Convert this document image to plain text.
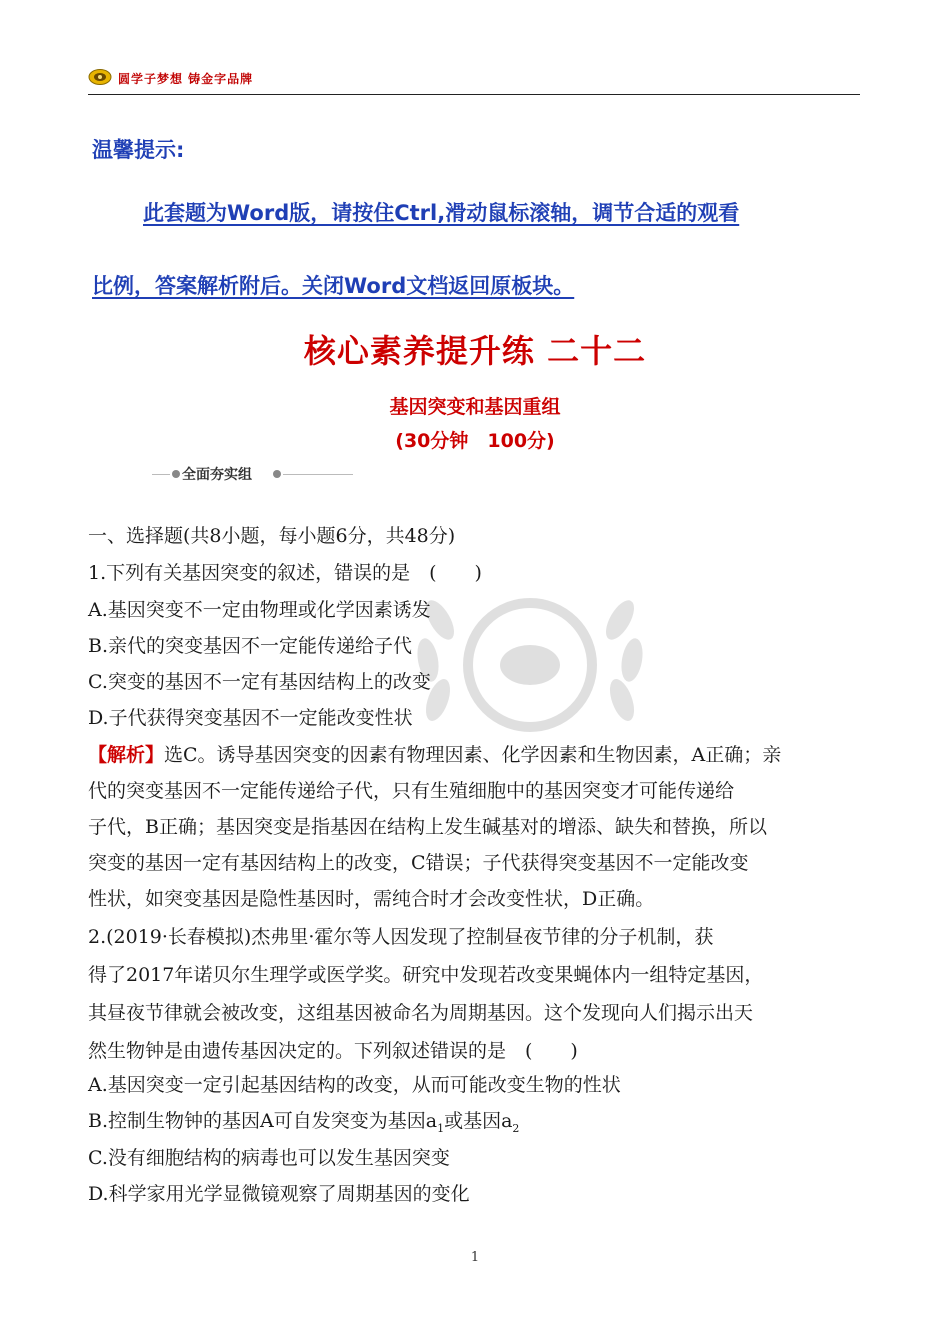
圆学子梦想 铸金字品牌
温馨提示:
此套题为Word版，请按住Ctrl,滑动鼠标滚轴，调节合适的观看
比例，答案解析附后。关闭Word文档返回原板块。
核心素养提升练 二十二
基因突变和基因重组
(30分钟　100分)
全面夯实组
一、选择题(共8小题，每小题6分，共48分)
1.下列有关基因突变的叙述，错误的是　(　　)
A.基因突变不一定由物理或化学因素诱发
B.亲代的突变基因不一定能传递给子代
C.突变的基因不一定有基因结构上的改变
D.子代获得突变基因不一定能改变性状
【解析】选C。诱导基因突变的因素有物理因素、化学因素和生物因素，A正确；亲
代的突变基因不一定能传递给子代，只有生殖细胞中的基因突变才可能传递给
子代，B正确；基因突变是指基因在结构上发生碱基对的增添、缺失和替换，所以
突变的基因一定有基因结构上的改变，C错误；子代获得突变基因不一定能改变
性状，如突变基因是隐性基因时，需纯合时才会改变性状，D正确。
2.(2019·长春模拟)杰弗里·霍尔等人因发现了控制昼夜节律的分子机制，获
得了2017年诺贝尔生理学或医学奖。研究中发现若改变果蝇体内一组特定基因，
其昼夜节律就会被改变，这组基因被命名为周期基因。这个发现向人们揭示出天
然生物钟是由遗传基因决定的。下列叙述错误的是　(　　)
A.基因突变一定引起基因结构的改变，从而可能改变生物的性状
B.控制生物钟的基因A可自发突变为基因$a_1$或基因$a_2$
C.没有细胞结构的病毒也可以发生基因突变
D.科学家用光学显微镜观察了周期基因的变化
1
